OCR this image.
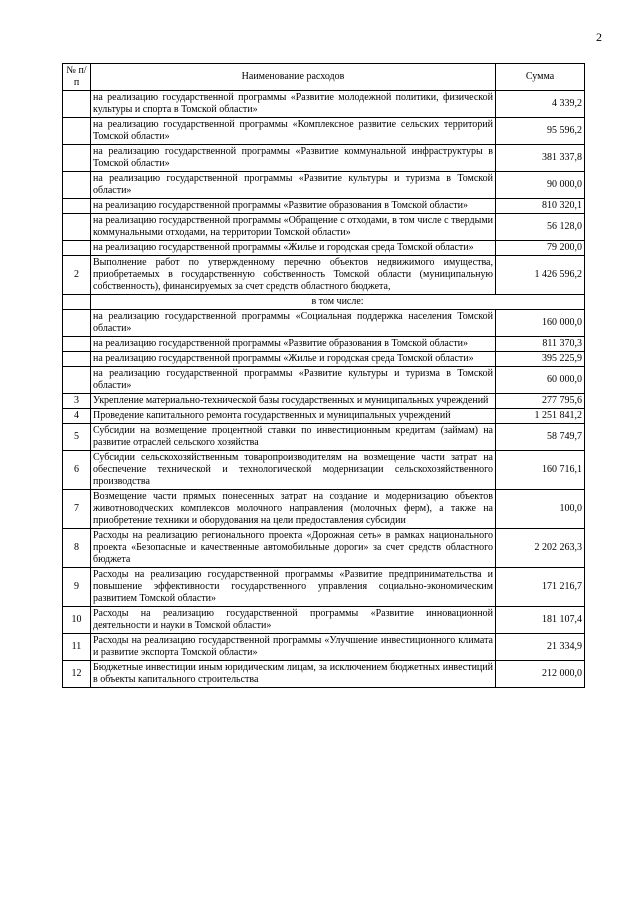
2
№ п/п	Наименование расходов	Сумма
	на реализацию государственной программы «Развитие молодежной политики, физической культуры и спорта в Томской области»	4 339,2
	на реализацию государственной программы «Комплексное развитие сельских территорий Томской области»	95 596,2
	на реализацию государственной программы «Развитие коммунальной инфраструктуры в Томской области»	381 337,8
	на реализацию государственной программы «Развитие культуры и туризма в Томской области»	90 000,0
	на реализацию государственной программы «Развитие образования в Томской области»	810 320,1
	на реализацию государственной программы «Обращение с отходами, в том числе с твердыми коммунальными отходами, на территории Томской области»	56 128,0
	на реализацию государственной программы «Жилье и городская среда Томской области»	79 200,0
2	Выполнение работ по утвержденному перечню объектов недвижимого имущества, приобретаемых в государственную собственность Томской области (муниципальную собственность), финансируемых за счет средств областного бюджета,	1 426 596,2
	в том числе:	
	на реализацию государственной программы «Социальная поддержка населения Томской области»	160 000,0
	на реализацию государственной программы «Развитие образования в Томской области»	811 370,3
	на реализацию государственной программы «Жилье и городская среда Томской области»	395 225,9
	на реализацию государственной программы «Развитие культуры и туризма в Томской области»	60 000,0
3	Укрепление материально-технической базы государственных и муниципальных учреждений	277 795,6
4	Проведение капитального ремонта государственных и муниципальных учреждений	1 251 841,2
5	Субсидии на возмещение процентной ставки по инвестиционным кредитам (займам) на развитие отраслей сельского хозяйства	58 749,7
6	Субсидии сельскохозяйственным товаропроизводителям на возмещение части затрат на обеспечение технической и технологической модернизации сельскохозяйственного производства	160 716,1
7	Возмещение части прямых понесенных затрат на создание и модернизацию объектов животноводческих комплексов молочного направления (молочных ферм), а также на приобретение техники и оборудования на цели предоставления субсидии	100,0
8	Расходы на реализацию регионального проекта «Дорожная сеть» в рамках национального проекта «Безопасные и качественные автомобильные дороги» за счет средств областного бюджета	2 202 263,3
9	Расходы на реализацию государственной программы «Развитие предпринимательства и повышение эффективности государственного управления социально-экономическим развитием Томской области»	171 216,7
10	Расходы на реализацию государственной программы «Развитие инновационной деятельности и науки в Томской области»	181 107,4
11	Расходы на реализацию государственной программы «Улучшение инвестиционного климата и развитие экспорта Томской области»	21 334,9
12	Бюджетные инвестиции иным юридическим лицам, за исключением бюджетных инвестиций в объекты капитального строительства	212 000,0
